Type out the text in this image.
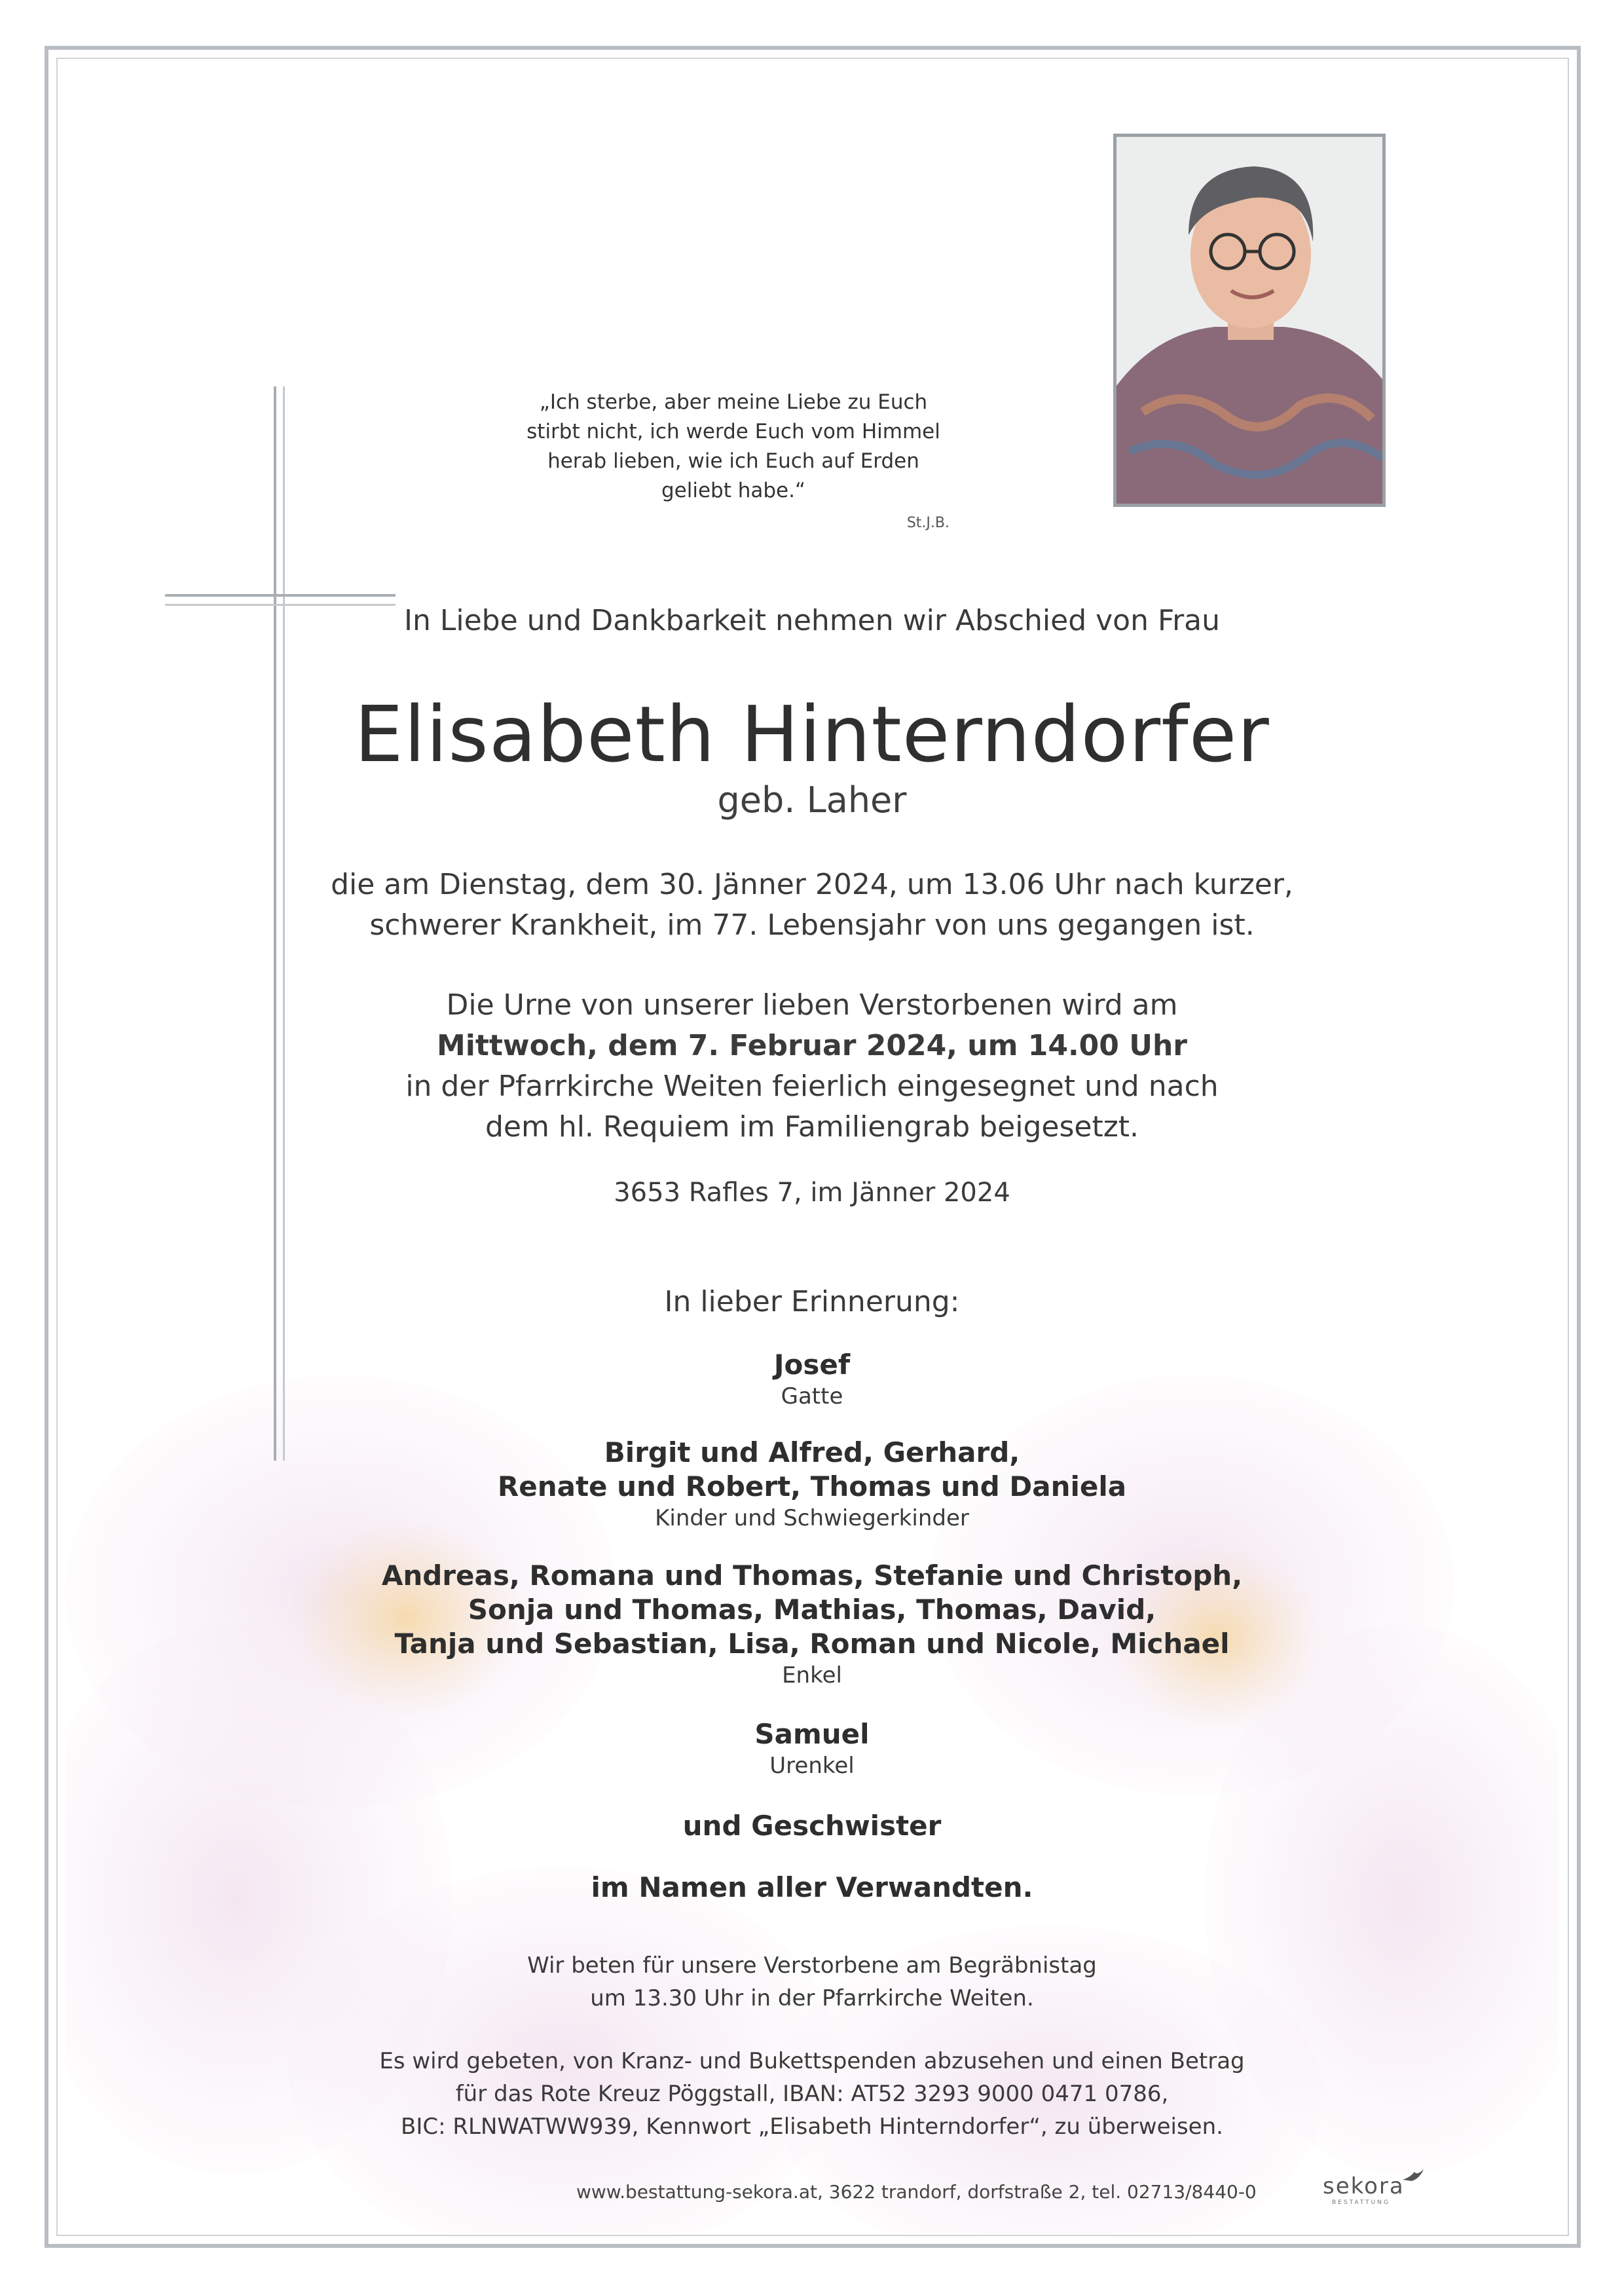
„Ich sterbe, aber meine Liebe zu Euch
stirbt nicht, ich werde Euch vom Himmel
herab lieben, wie ich Euch auf Erden
geliebt habe.“
St.J.B.
In Liebe und Dankbarkeit nehmen wir Abschied von Frau
Elisabeth Hinterndorfer
geb. Laher
die am Dienstag, dem 30. Jänner 2024, um 13.06 Uhr nach kurzer,
schwerer Krankheit, im 77. Lebensjahr von uns gegangen ist.
Die Urne von unserer lieben Verstorbenen wird am
Mittwoch, dem 7. Februar 2024, um 14.00 Uhr
in der Pfarrkirche Weiten feierlich eingesegnet und nach
dem hl. Requiem im Familiengrab beigesetzt.
3653 Rafles 7, im Jänner 2024
In lieber Erinnerung:
Josef
Gatte
Birgit und Alfred, Gerhard,
Renate und Robert, Thomas und Daniela
Kinder und Schwiegerkinder
Andreas, Romana und Thomas, Stefanie und Christoph,
Sonja und Thomas, Mathias, Thomas, David,
Tanja und Sebastian, Lisa, Roman und Nicole, Michael
Enkel
Samuel
Urenkel
und Geschwister
im Namen aller Verwandten.
Wir beten für unsere Verstorbene am Begräbnistag
um 13.30 Uhr in der Pfarrkirche Weiten.
Es wird gebeten, von Kranz- und Bukettspenden abzusehen und einen Betrag
für das Rote Kreuz Pöggstall, IBAN: AT52 3293 9000 0471 0786,
BIC: RLNWATWW939, Kennwort „Elisabeth Hinterndorfer“, zu überweisen.
www.bestattung-sekora.at, 3622 trandorf, dorfstraße 2, tel. 02713/8440-0	sekora
BESTATTUNG
